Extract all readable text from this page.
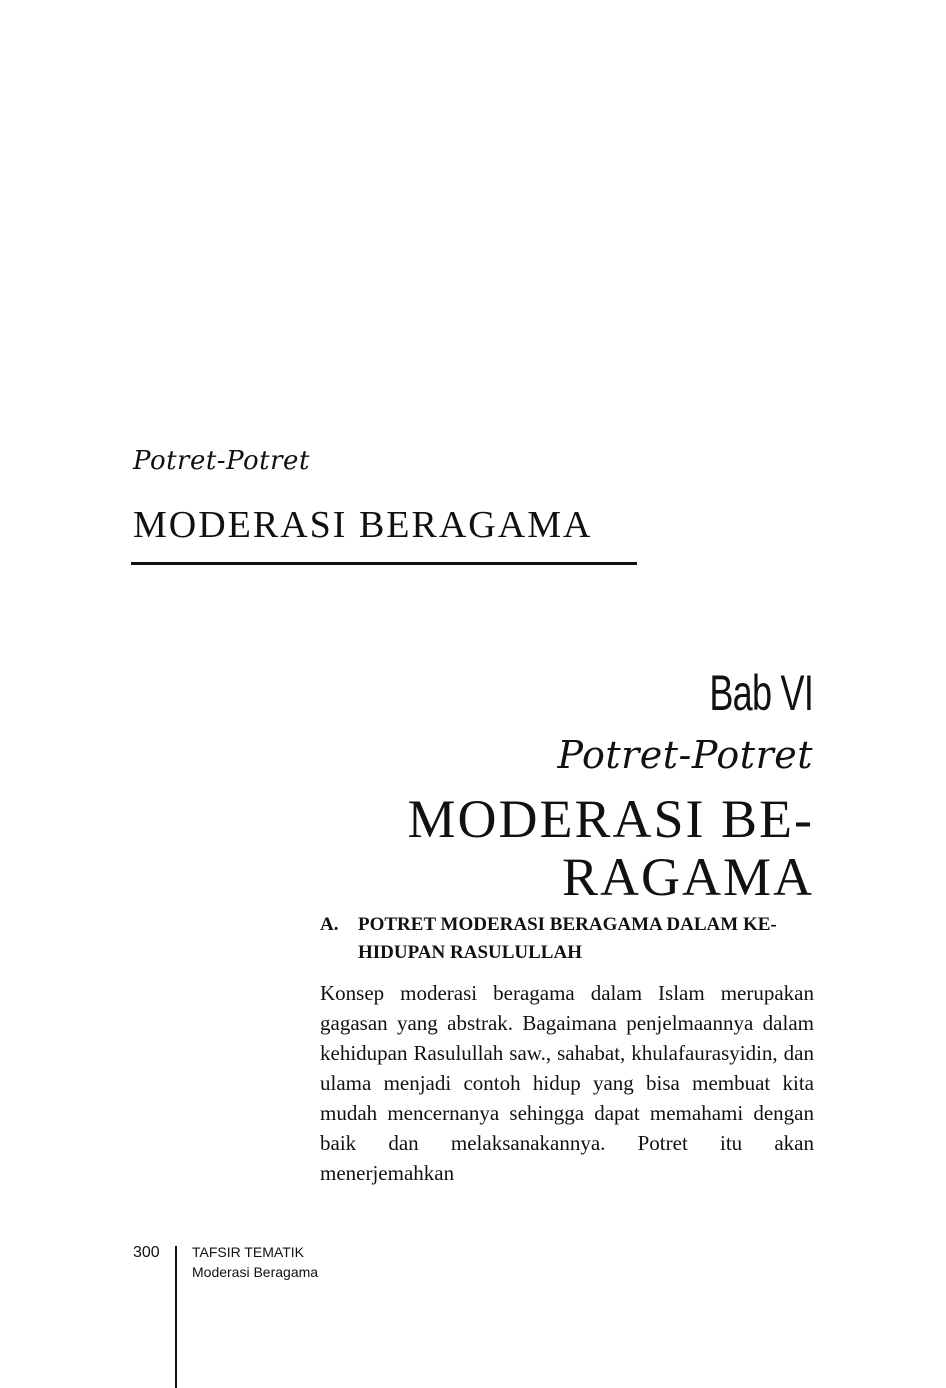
Potret-Potret
MODERASI BERAGAMA
Bab VI
Potret-Potret
MODERASI BE-
RAGAMA
A.	POTRET MODERASI BERAGAMA DALAM KE-
HIDUPAN RASULULLAH

Konsep moderasi beragama dalam Islam merupakan gagasan yang abstrak. Bagaimana penjelmaannya dalam kehidupan Rasulullah saw., sahabat, khulafaurasyidin, dan ulama menjadi contoh hidup yang bisa membuat kita mudah mencernanya sehingga dapat memahami dengan baik dan melaksanakannya. Potret itu akan menerjemahkan

300 TAFSIR TEMATIK
Moderasi Beragama
